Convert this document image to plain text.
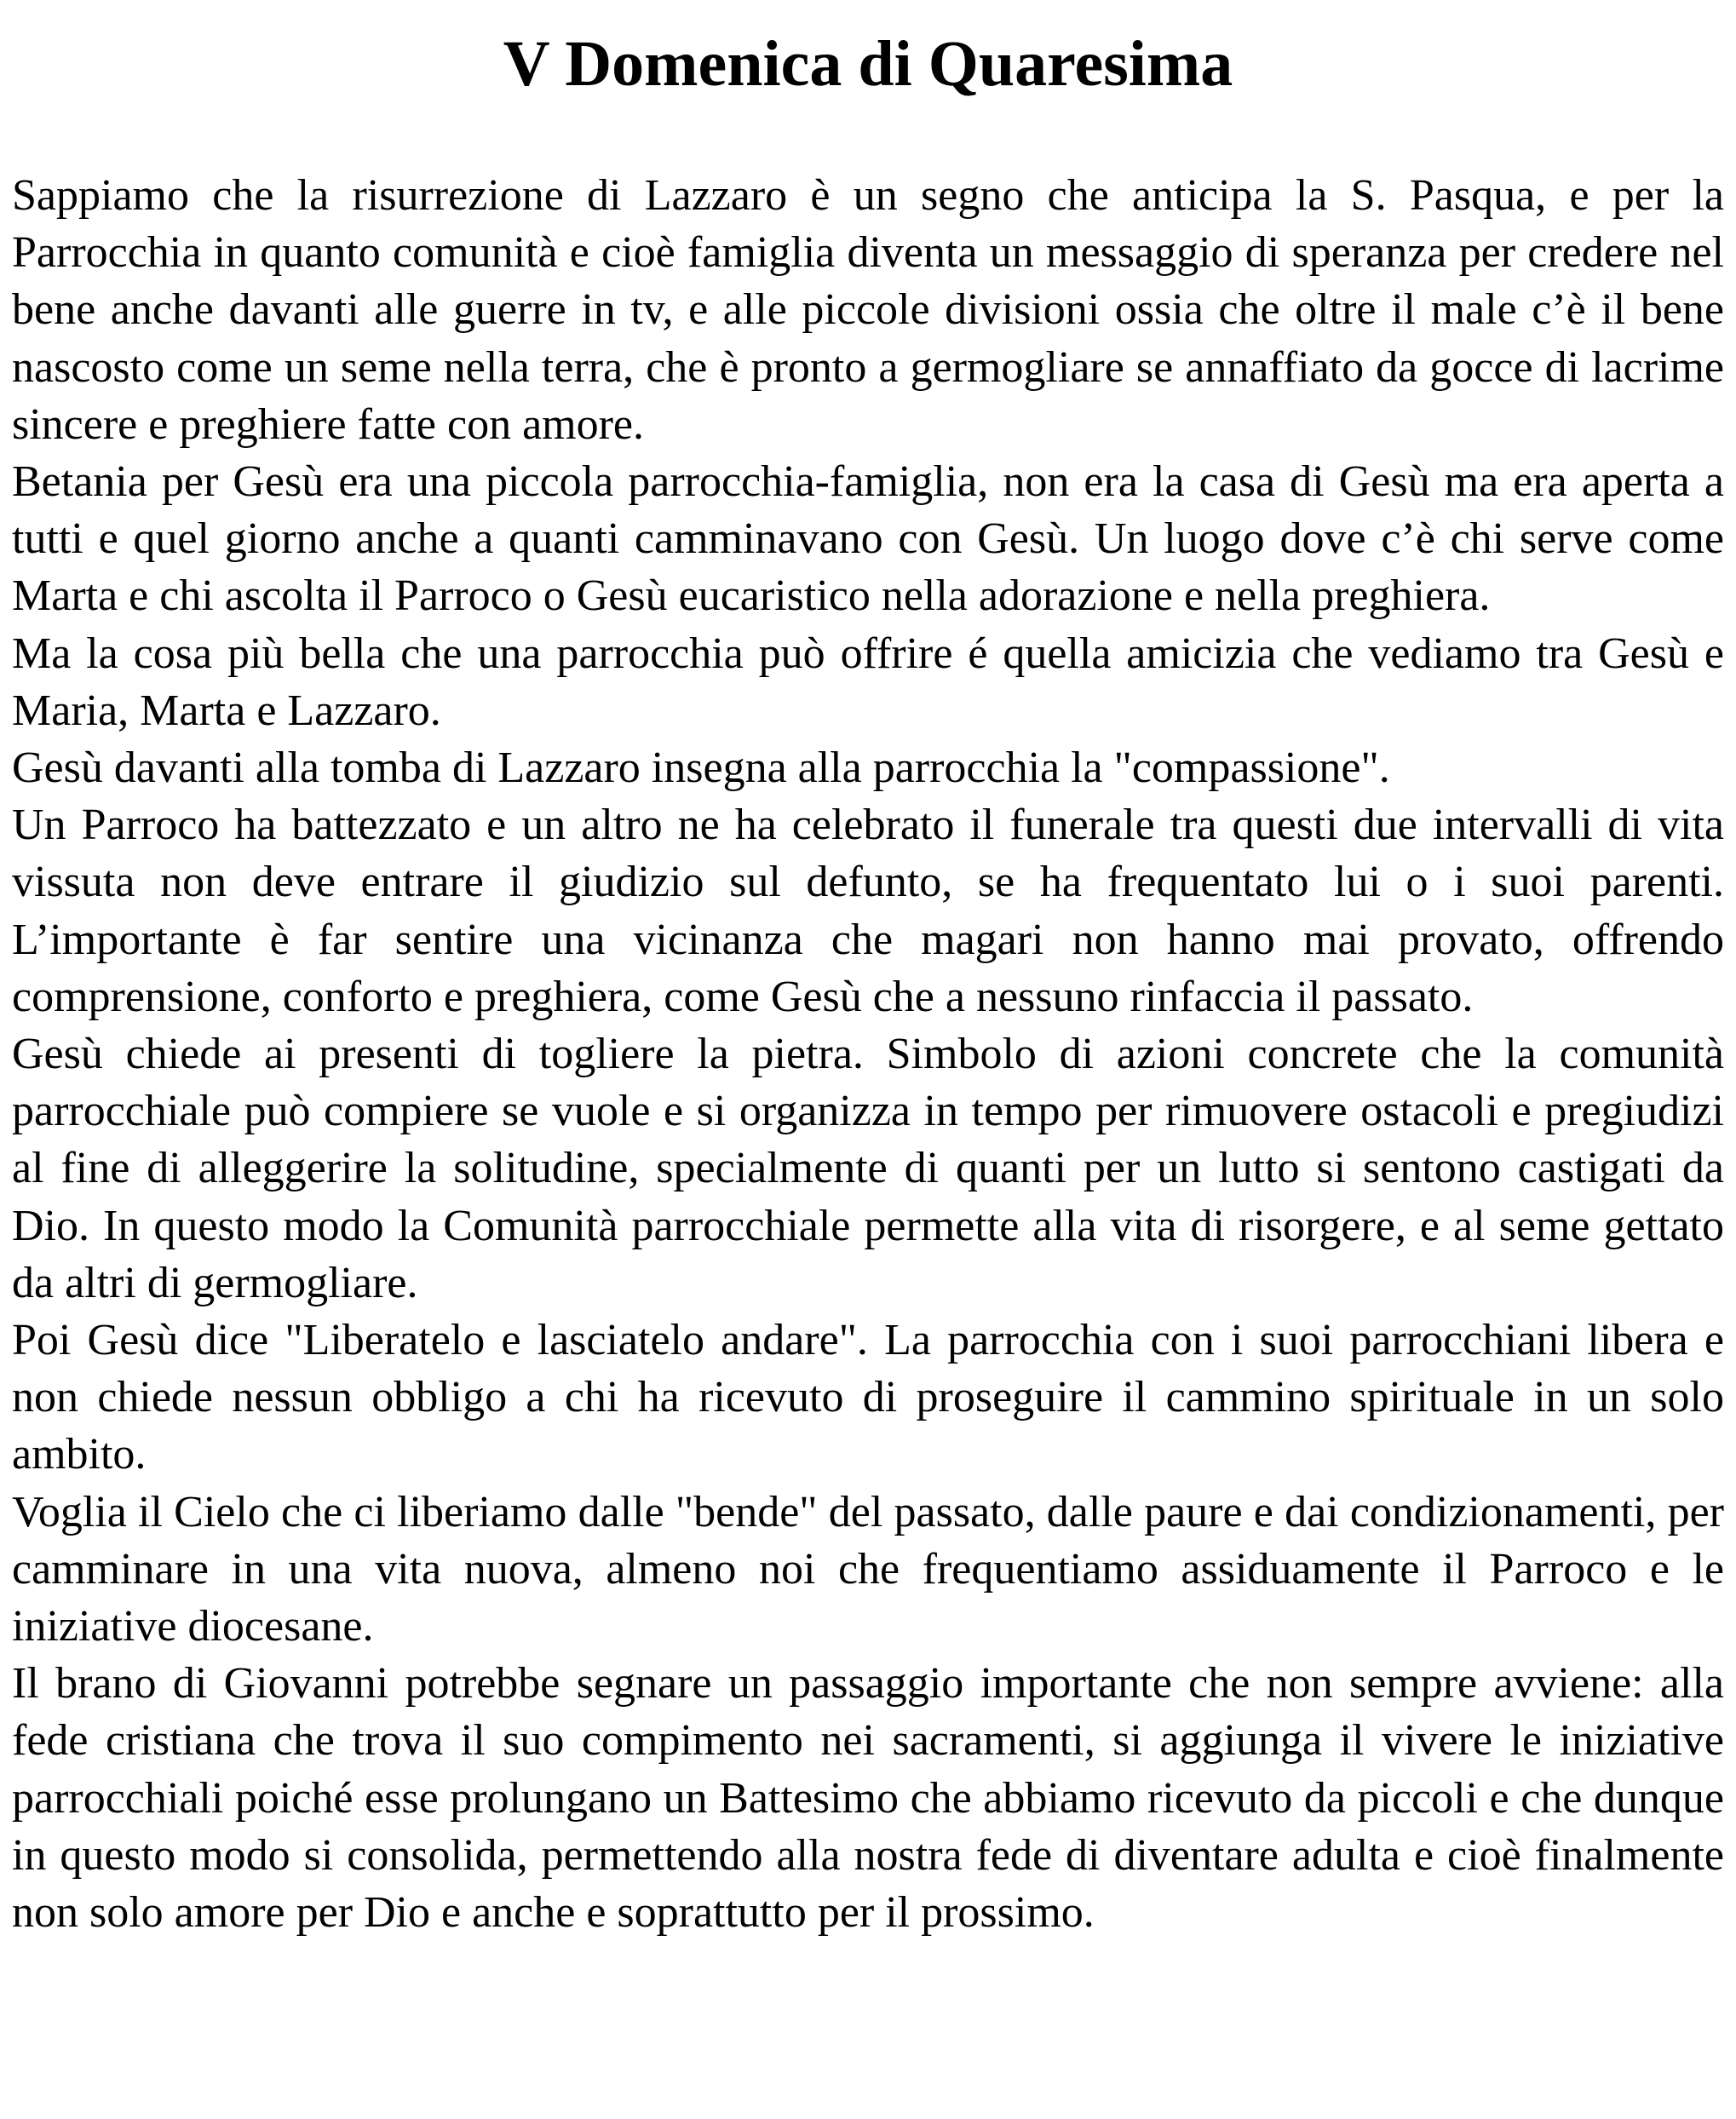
V Domenica di Quaresima

Sappiamo che la risurrezione di Lazzaro è un segno che anticipa la S. Pasqua, e per la Parrocchia in quanto comunità e cioè famiglia diventa un messaggio di speranza per credere nel bene anche davanti alle guerre in tv, e alle piccole divisioni ossia che oltre il male c’è il bene nascosto come un seme nella terra, che è pronto a germogliare se annaffiato da gocce di lacrime sincere e preghiere fatte con amore.

Betania per Gesù era una piccola parrocchia-famiglia, non era la casa di Gesù ma era aperta a tutti e quel giorno anche a quanti camminavano con Gesù. Un luogo dove c’è chi serve come Marta e chi ascolta il Parroco o Gesù eucaristico nella adorazione e nella preghiera.

Ma la cosa più bella che una parrocchia può offrire é quella amicizia che vediamo tra Gesù e Maria, Marta e Lazzaro.

Gesù davanti alla tomba di Lazzaro insegna alla parrocchia la "compassione".

Un Parroco ha battezzato e un altro ne ha celebrato il funerale tra questi due intervalli di vita vissuta non deve entrare il giudizio sul defunto, se ha frequentato lui o i suoi parenti. L’importante è far sentire una vicinanza che magari non hanno mai provato, offrendo comprensione, conforto e preghiera, come Gesù che a nessuno rinfaccia il passato.

Gesù chiede ai presenti di togliere la pietra. Simbolo di azioni concrete che la comunità parrocchiale può compiere se vuole e si organizza in tempo per rimuovere ostacoli e pregiudizi al fine di alleggerire la solitudine, specialmente di quanti per un lutto si sentono castigati da Dio. In questo modo la Comunità parrocchiale permette alla vita di risorgere, e al seme gettato da altri di germogliare.

Poi Gesù dice "Liberatelo e lasciatelo andare". La parrocchia con i suoi parrocchiani libera e non chiede nessun obbligo a chi ha ricevuto di proseguire il cammino spirituale in un solo ambito.

Voglia il Cielo che ci liberiamo dalle "bende" del passato, dalle paure e dai condizionamenti, per camminare in una vita nuova, almeno noi che frequentiamo assiduamente il Parroco e le iniziative diocesane.

Il brano di Giovanni potrebbe segnare un passaggio importante che non sempre avviene: alla fede cristiana che trova il suo compimento nei sacramenti, si aggiunga il vivere le iniziative parrocchiali poiché esse prolungano un Battesimo che abbiamo ricevuto da piccoli e che dunque in questo modo si consolida, permettendo alla nostra fede di diventare adulta e cioè finalmente non solo amore per Dio e anche e soprattutto per il prossimo.
